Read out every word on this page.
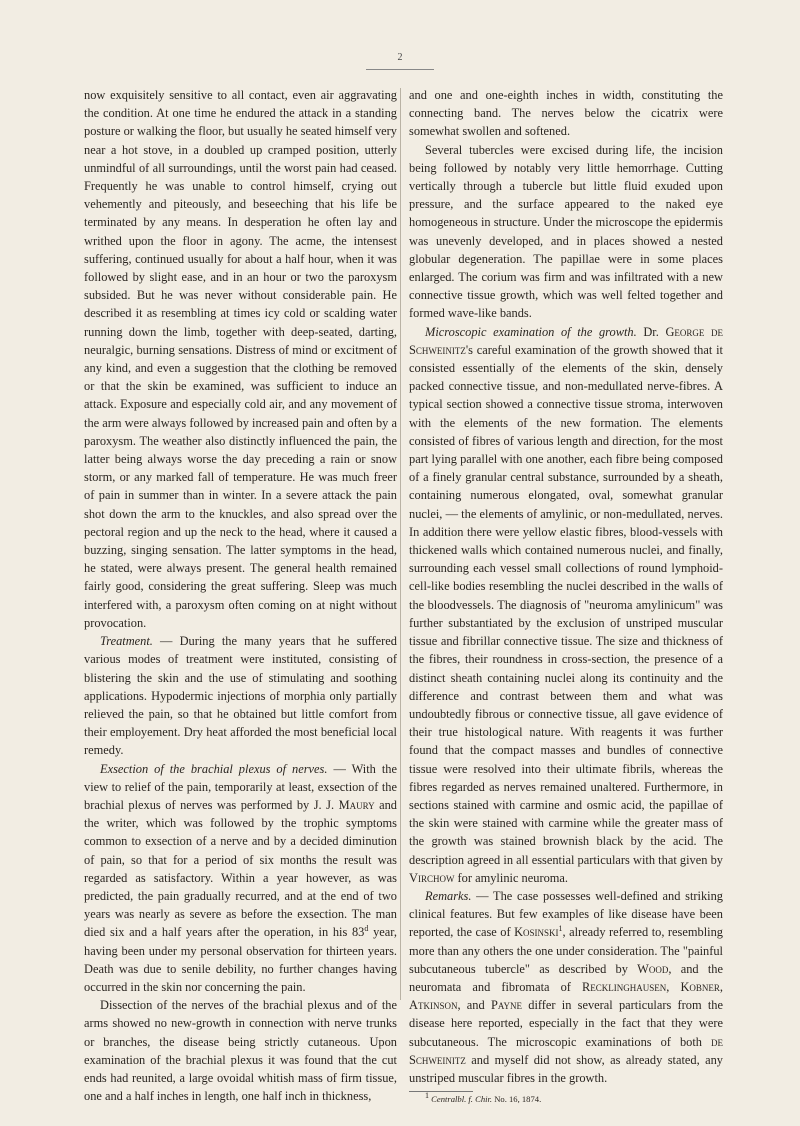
2

now exquisitely sensitive to all contact, even air aggravating the condition. At one time he endured the attack in a standing posture or walking the floor, but usually he seated himself very near a hot stove, in a doubled up cramped position, utterly unmindful of all surroundings, until the worst pain had ceased. Frequently he was unable to control himself, crying out vehemently and piteously, and beseeching that his life be terminated by any means. In desperation he often lay and writhed upon the floor in agony. The acme, the intensest suffering, continued usually for about a half hour, when it was followed by slight ease, and in an hour or two the paroxysm subsided. But he was never without considerable pain. He described it as resembling at times icy cold or scalding water running down the limb, together with deep-seated, darting, neuralgic, burning sensations. Distress of mind or excitment of any kind, and even a suggestion that the clothing be removed or that the skin be examined, was sufficient to induce an attack. Exposure and especially cold air, and any movement of the arm were always followed by increased pain and often by a paroxysm. The weather also distinctly influenced the pain, the latter being always worse the day preceding a rain or snow storm, or any marked fall of temperature. He was much freer of pain in summer than in winter. In a severe attack the pain shot down the arm to the knuckles, and also spread over the pectoral region and up the neck to the head, where it caused a buzzing, singing sensation. The latter symptoms in the head, he stated, were always present. The general health remained fairly good, considering the great suffering. Sleep was much interfered with, a paroxysm often coming on at night without provocation.

Treatment. — During the many years that he suffered various modes of treatment were instituted, consisting of blistering the skin and the use of stimulating and soothing applications. Hypodermic injections of morphia only partially relieved the pain, so that he obtained but little comfort from their employement. Dry heat afforded the most beneficial local remedy.

Exsection of the brachial plexus of nerves. — With the view to relief of the pain, temporarily at least, exsection of the brachial plexus of nerves was performed by J. J. Maury and the writer, which was followed by the trophic symptoms common to exsection of a nerve and by a decided diminution of pain, so that for a period of six months the result was regarded as satisfactory. Within a year however, as was predicted, the pain gradually recurred, and at the end of two years was nearly as severe as before the exsection. The man died six and a half years after the operation, in his 83$^d$ year, having been under my personal observation for thirteen years. Death was due to senile debility, no further changes having occurred in the skin nor concerning the pain.

Dissection of the nerves of the brachial plexus and of the arms showed no new-growth in connection with nerve trunks or branches, the disease being strictly cutaneous. Upon examination of the brachial plexus it was found that the cut ends had reunited, a large ovoidal whitish mass of firm tissue, one and a half inches in length, one half inch in thickness,

and one and one-eighth inches in width, constituting the connecting band. The nerves below the cicatrix were somewhat swollen and softened.

Several tubercles were excised during life, the incision being followed by notably very little hemorrhage. Cutting vertically through a tubercle but little fluid exuded upon pressure, and the surface appeared to the naked eye homogeneous in structure. Under the microscope the epidermis was unevenly developed, and in places showed a nested globular degeneration. The papillae were in some places enlarged. The corium was firm and was infiltrated with a new connective tissue growth, which was well felted together and formed wave-like bands.

Microscopic examination of the growth. Dr. George de Schweinitz's careful examination of the growth showed that it consisted essentially of the elements of the skin, densely packed connective tissue, and non-medullated nerve-fibres. A typical section showed a connective tissue stroma, interwoven with the elements of the new formation. The elements consisted of fibres of various length and direction, for the most part lying parallel with one another, each fibre being composed of a finely granular central substance, surrounded by a sheath, containing numerous elongated, oval, somewhat granular nuclei, — the elements of amylinic, or non-medullated, nerves. In addition there were yellow elastic fibres, blood-vessels with thickened walls which contained numerous nuclei, and finally, surrounding each vessel small collections of round lymphoid-cell-like bodies resembling the nuclei described in the walls of the bloodvessels. The diagnosis of "neuroma amylinicum" was further substantiated by the exclusion of unstriped muscular tissue and fibrillar connective tissue. The size and thickness of the fibres, their roundness in cross-section, the presence of a distinct sheath containing nuclei along its continuity and the difference and contrast between them and what was undoubtedly fibrous or connective tissue, all gave evidence of their true histological nature. With reagents it was further found that the compact masses and bundles of connective tissue were resolved into their ultimate fibrils, whereas the fibres regarded as nerves remained unaltered. Furthermore, in sections stained with carmine and osmic acid, the papillae of the skin were stained with carmine while the greater mass of the growth was stained brownish black by the acid. The description agreed in all essential particulars with that given by Virchow for amylinic neuroma.

Remarks. — The case possesses well-defined and striking clinical features. But few examples of like disease have been reported, the case of Kosinski$^1$, already referred to, resembling more than any others the one under consideration. The "painful subcutaneous tubercle" as described by Wood, and the neuromata and fibromata of Recklinghausen, Kobner, Atkinson, and Payne differ in several particulars from the disease here reported, especially in the fact that they were subcutaneous. The microscopic examinations of both de Schweinitz and myself did not show, as already stated, any unstriped muscular fibres in the growth.

$^1$ Centralbl. f. Chir. No. 16, 1874.
